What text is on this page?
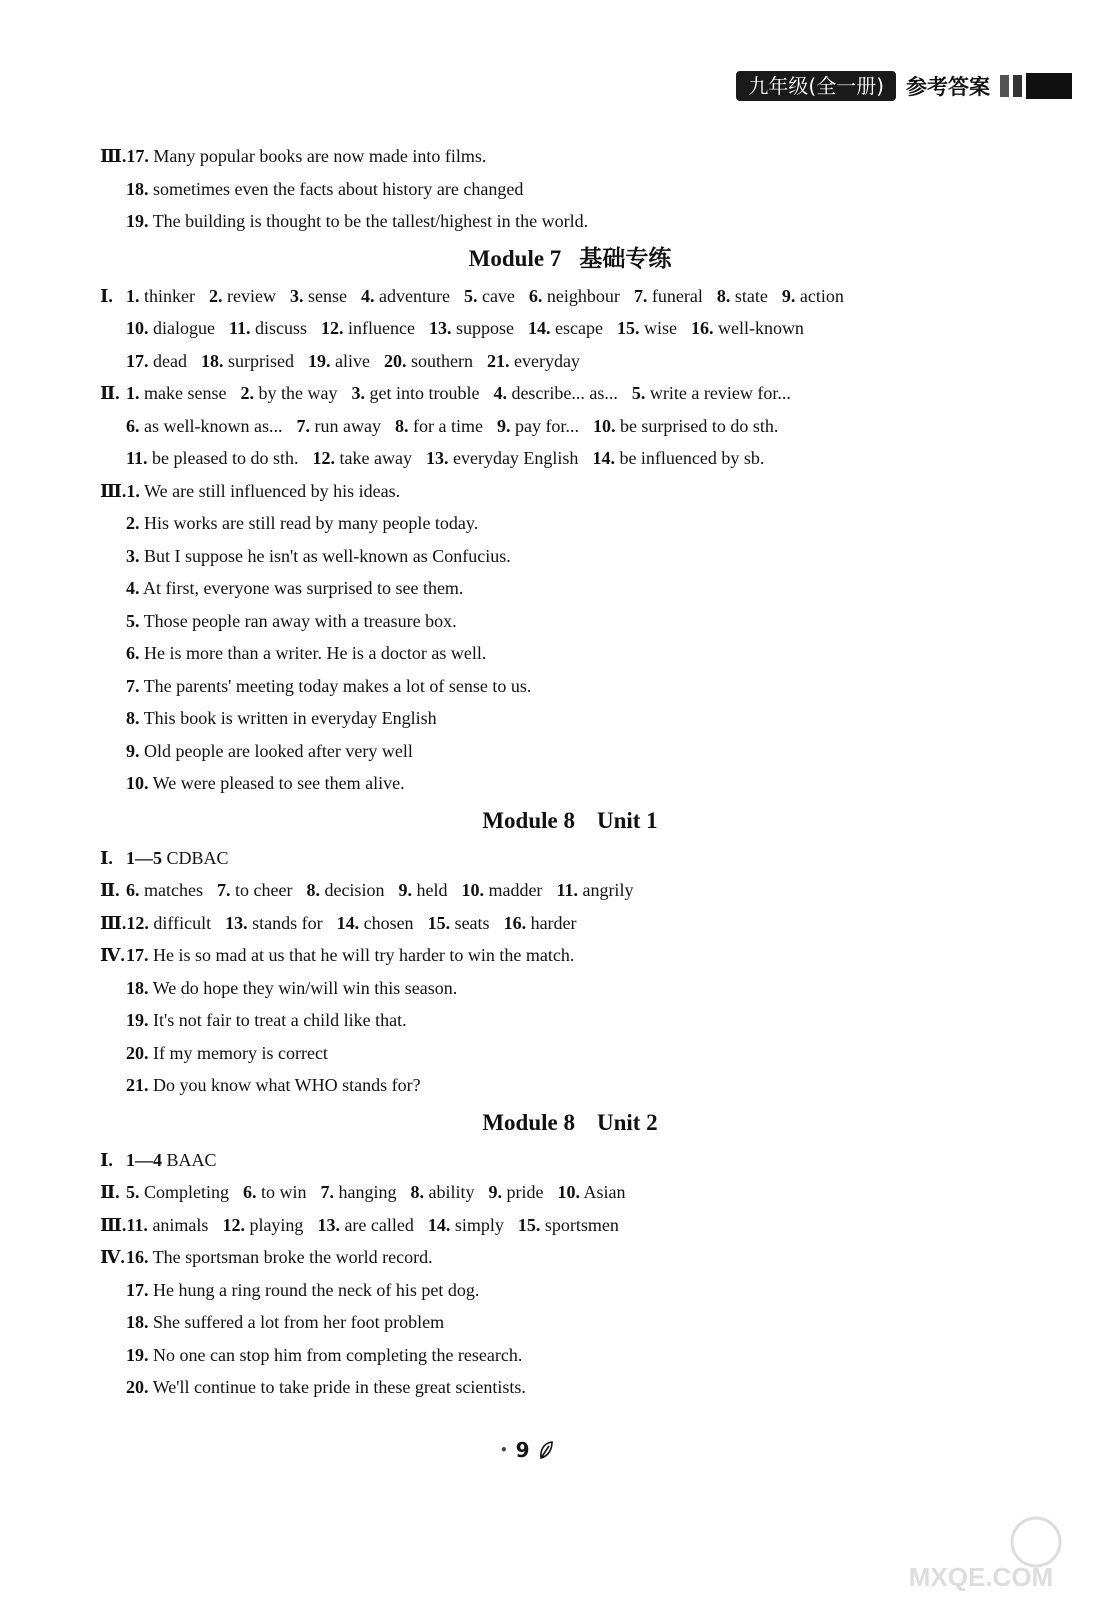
九年级(全一册)	参考答案
Ⅲ.17. Many popular books are now made into films.
18. sometimes even the facts about history are changed
19. The building is thought to be the tallest/highest in the world.
Module 7 基础专练
Ⅰ. 1. thinker 2. review 3. sense 4. adventure 5. cave 6. neighbour 7. funeral 8. state 9. action
10. dialogue 11. discuss 12. influence 13. suppose 14. escape 15. wise 16. well-known
17. dead 18. surprised 19. alive 20. southern 21. everyday
Ⅱ. 1. make sense 2. by the way 3. get into trouble 4. describe... as... 5. write a review for...
6. as well-known as... 7. run away 8. for a time 9. pay for... 10. be surprised to do sth.
11. be pleased to do sth. 12. take away 13. everyday English 14. be influenced by sb.
Ⅲ.1. We are still influenced by his ideas.
2. His works are still read by many people today.
3. But I suppose he isn't as well-known as Confucius.
4. At first, everyone was surprised to see them.
5. Those people ran away with a treasure box.
6. He is more than a writer. He is a doctor as well.
7. The parents' meeting today makes a lot of sense to us.
8. This book is written in everyday English
9. Old people are looked after very well
10. We were pleased to see them alive.
Module 8 Unit 1
Ⅰ. 1—5 CDBAC
Ⅱ. 6. matches 7. to cheer 8. decision 9. held 10. madder 11. angrily
Ⅲ.12. difficult 13. stands for 14. chosen 15. seats 16. harder
Ⅳ.17. He is so mad at us that he will try harder to win the match.
18. We do hope they win/will win this season.
19. It's not fair to treat a child like that.
20. If my memory is correct
21. Do you know what WHO stands for?
Module 8 Unit 2
Ⅰ. 1—4 BAAC
Ⅱ. 5. Completing 6. to win 7. hanging 8. ability 9. pride 10. Asian
Ⅲ.11. animals 12. playing 13. are called 14. simply 15. sportsmen
Ⅳ.16. The sportsman broke the world record.
17. He hung a ring round the neck of his pet dog.
18. She suffered a lot from her foot problem
19. No one can stop him from completing the research.
20. We'll continue to take pride in these great scientists.
• 9
MXQE.COM
